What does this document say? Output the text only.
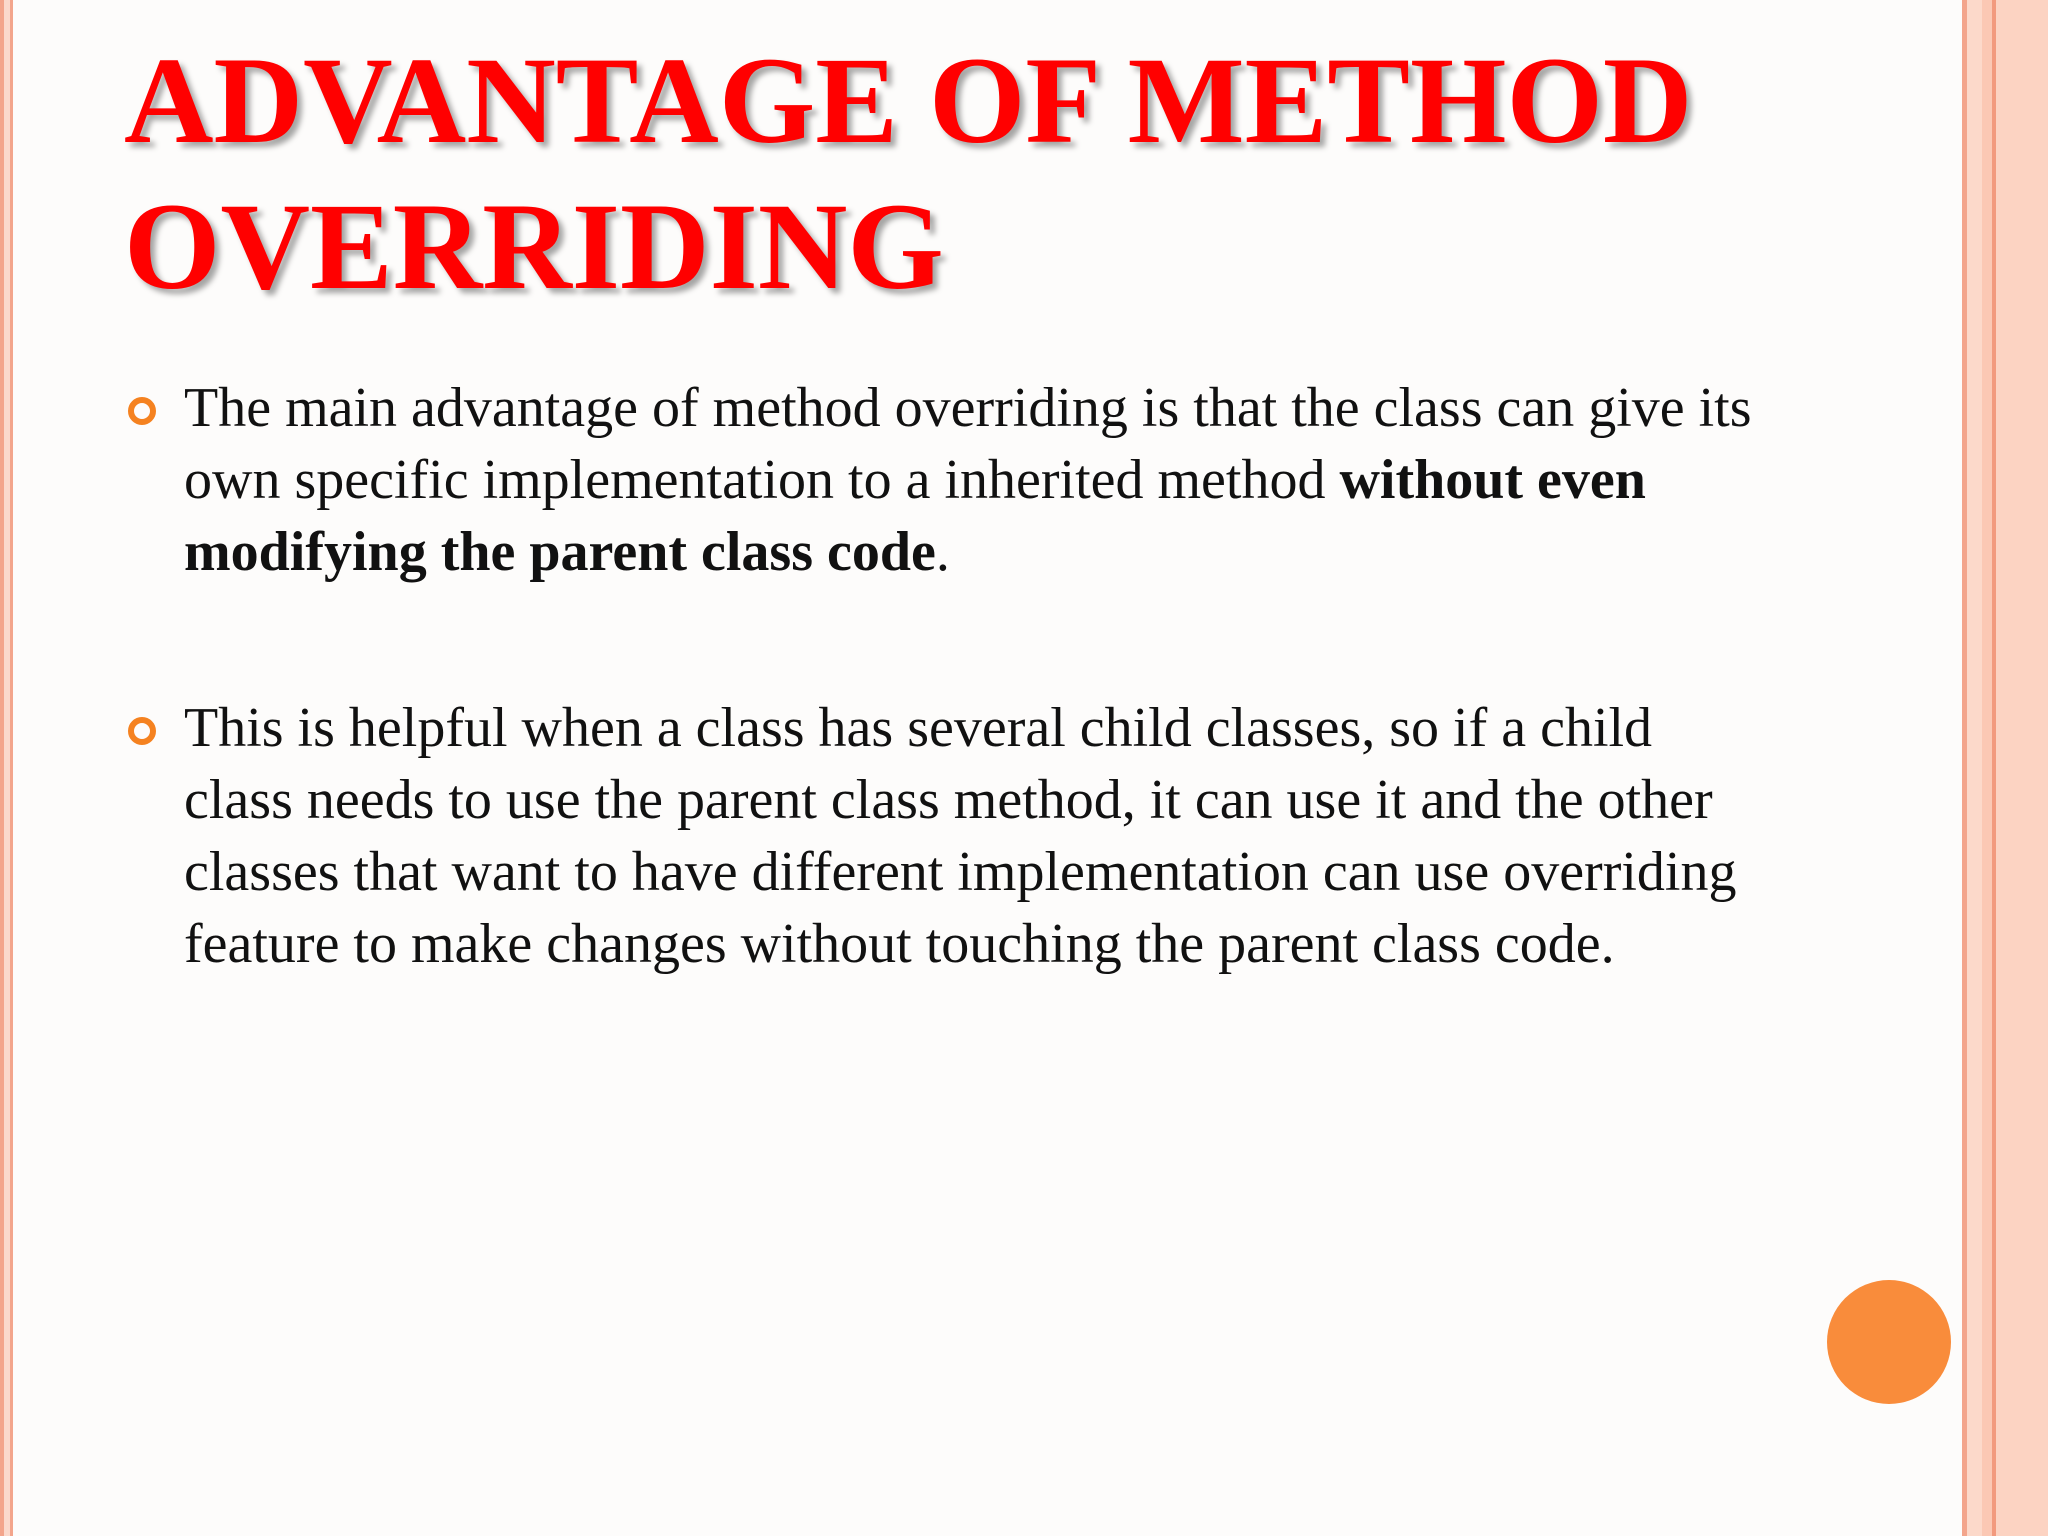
ADVANTAGE OF METHOD OVERRIDING
The main advantage of method overriding is that the class can give its own specific implementation to a inherited method without even modifying the parent class code.
This is helpful when a class has several child classes, so if a child class needs to use the parent class method, it can use it and the other classes that want to have different implementation can use overriding feature to make changes without touching the parent class code.
